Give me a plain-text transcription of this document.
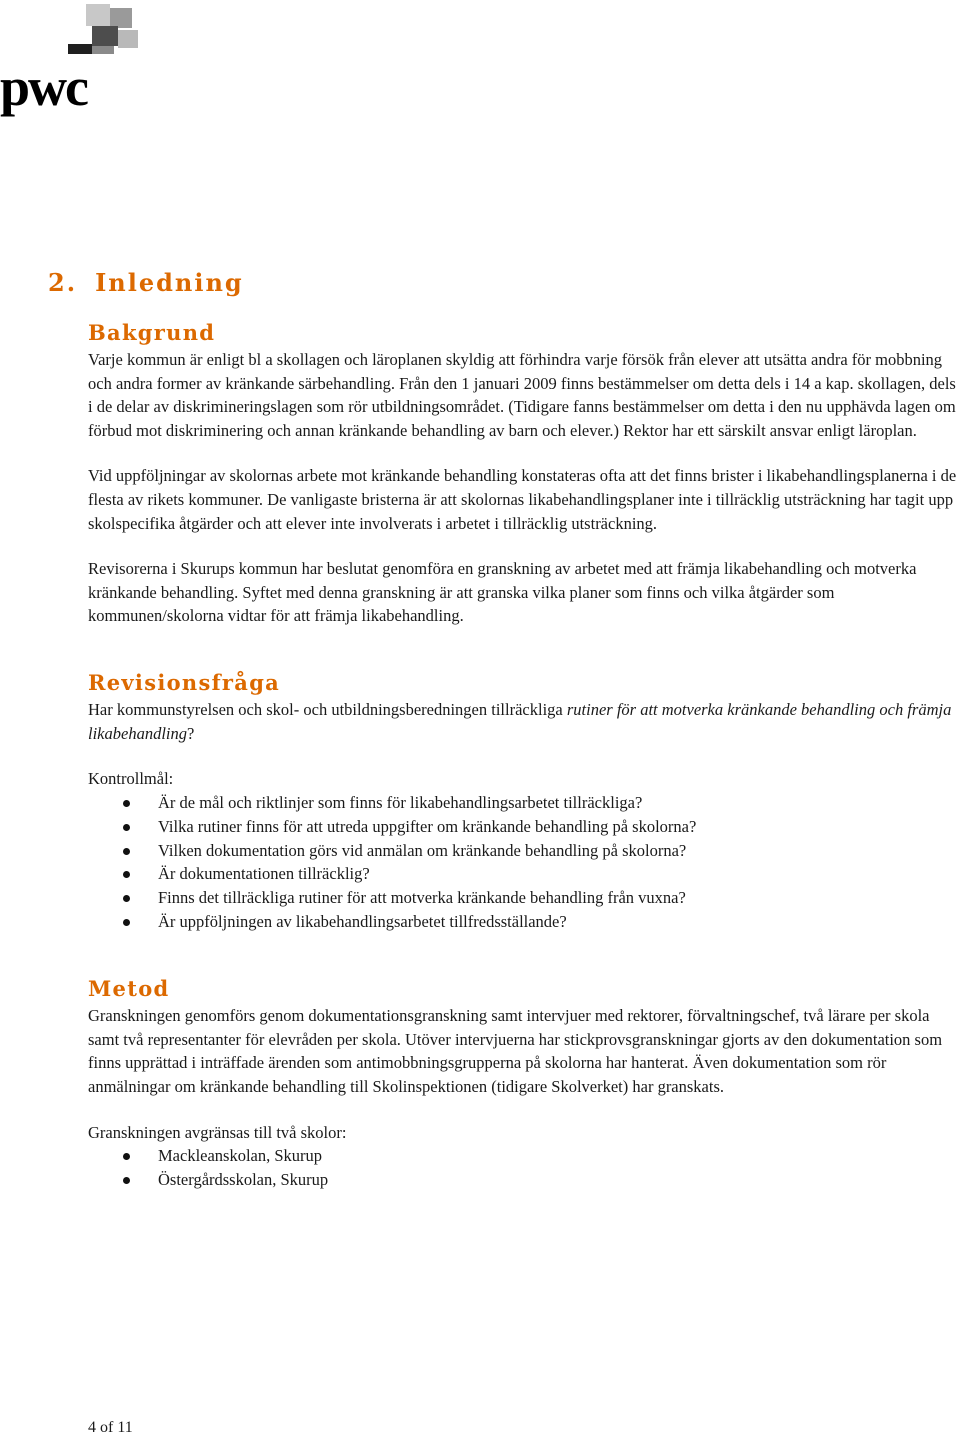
pwc
2. Inledning
Bakgrund

Varje kommun är enligt bl a skollagen och läroplanen skyldig att förhindra varje försök från elever att utsätta andra för mobbning och andra former av kränkande särbehandling. Från den 1 januari 2009 finns bestämmelser om detta dels i 14 a kap. skollagen, dels i de delar av diskrimineringslagen som rör utbildningsområdet. (Tidigare fanns bestämmelser om detta i den nu upphävda lagen om förbud mot diskriminering och annan kränkande behandling av barn och elever.) Rektor har ett särskilt ansvar enligt läroplan.

Vid uppföljningar av skolornas arbete mot kränkande behandling konstateras ofta att det finns brister i likabehandlingsplanerna i de flesta av rikets kommuner. De vanligaste bristerna är att skolornas likabehandlingsplaner inte i tillräcklig utsträckning har tagit upp skolspecifika åtgärder och att elever inte involverats i arbetet i tillräcklig utsträckning.

Revisorerna i Skurups kommun har beslutat genomföra en granskning av arbetet med att främja likabehandling och motverka kränkande behandling. Syftet med denna granskning är att granska vilka planer som finns och vilka åtgärder som kommunen/skolorna vidtar för att främja likabehandling.

Revisionsfråga

Har kommunstyrelsen och skol- och utbildningsberedningen tillräckliga rutiner för att motverka kränkande behandling och främja likabehandling?

Kontrollmål:

Är de mål och riktlinjer som finns för likabehandlingsarbetet tillräckliga?
Vilka rutiner finns för att utreda uppgifter om kränkande behandling på skolorna?
Vilken dokumentation görs vid anmälan om kränkande behandling på skolorna?
Är dokumentationen tillräcklig?
Finns det tillräckliga rutiner för att motverka kränkande behandling från vuxna?
Är uppföljningen av likabehandlingsarbetet tillfredsställande?
Metod

Granskningen genomförs genom dokumentationsgranskning samt intervjuer med rektorer, förvaltningschef, två lärare per skola samt två representanter för elevråden per skola. Utöver intervjuerna har stickprovsgranskningar gjorts av den dokumentation som finns upprättad i inträffade ärenden som antimobbningsgrupperna på skolorna har hanterat. Även dokumentation som rör anmälningar om kränkande behandling till Skolinspektionen (tidigare Skolverket) har granskats.

Granskningen avgränsas till två skolor:

Mackleanskolan, Skurup
Östergårdsskolan, Skurup
4 of 11
